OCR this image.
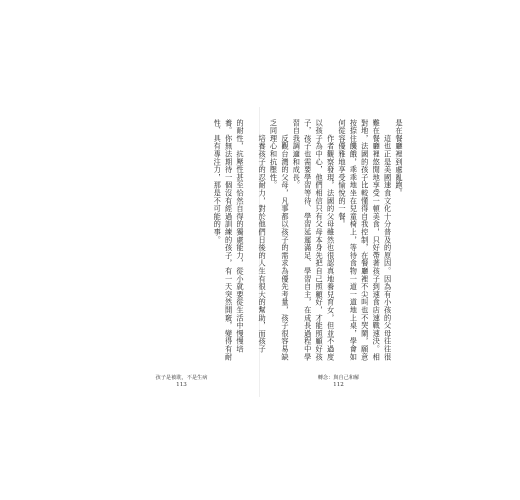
的耐性，抗壓性甚至恰然自得的獨處能力，從小就要從生活中慢慢培養。你無法期待一個沒有經過訓練的孩子，有一天突然開竅，變得有耐性、具有專注力，那是不可能的事。
孩子是被耽，不是生病
113
是在餐廳裡到處亂跑。
　　這也正是美國速食文化十分普及的原因。因為有小孩的父母往往很難在餐廳裡悠閒地享受一頓美食，只好帶著孩子到速食店速戰速決。相對地，法國的孩子比較懂得自我控制，在餐廳裡不尖叫也不哭鬧，願意按捺住饑餓，乖乖地坐在兒童椅上，等待食物一道一道地上桌，學會如何從容優雅地享受愉悅的一餐。
　　作者觀察發現，法國的父母雖然也很認真地養兒育女，但並不過度以孩子為中心，他們相信只有父母本身先把自己照顧好，才能照顧好孩子，孩子也需要學習等待、學習延遲滿足、學習自主，在成長過程中學習自我調適和成長。
　　反觀台灣的父母，凡事都以孩子的需求為優先考量，孩子很容易缺乏同理心和抗壓性。
　　培養孩子的忍耐力，對於他們日後的人生有很大的幫助，而孩子
轉念：與自己和解
112
